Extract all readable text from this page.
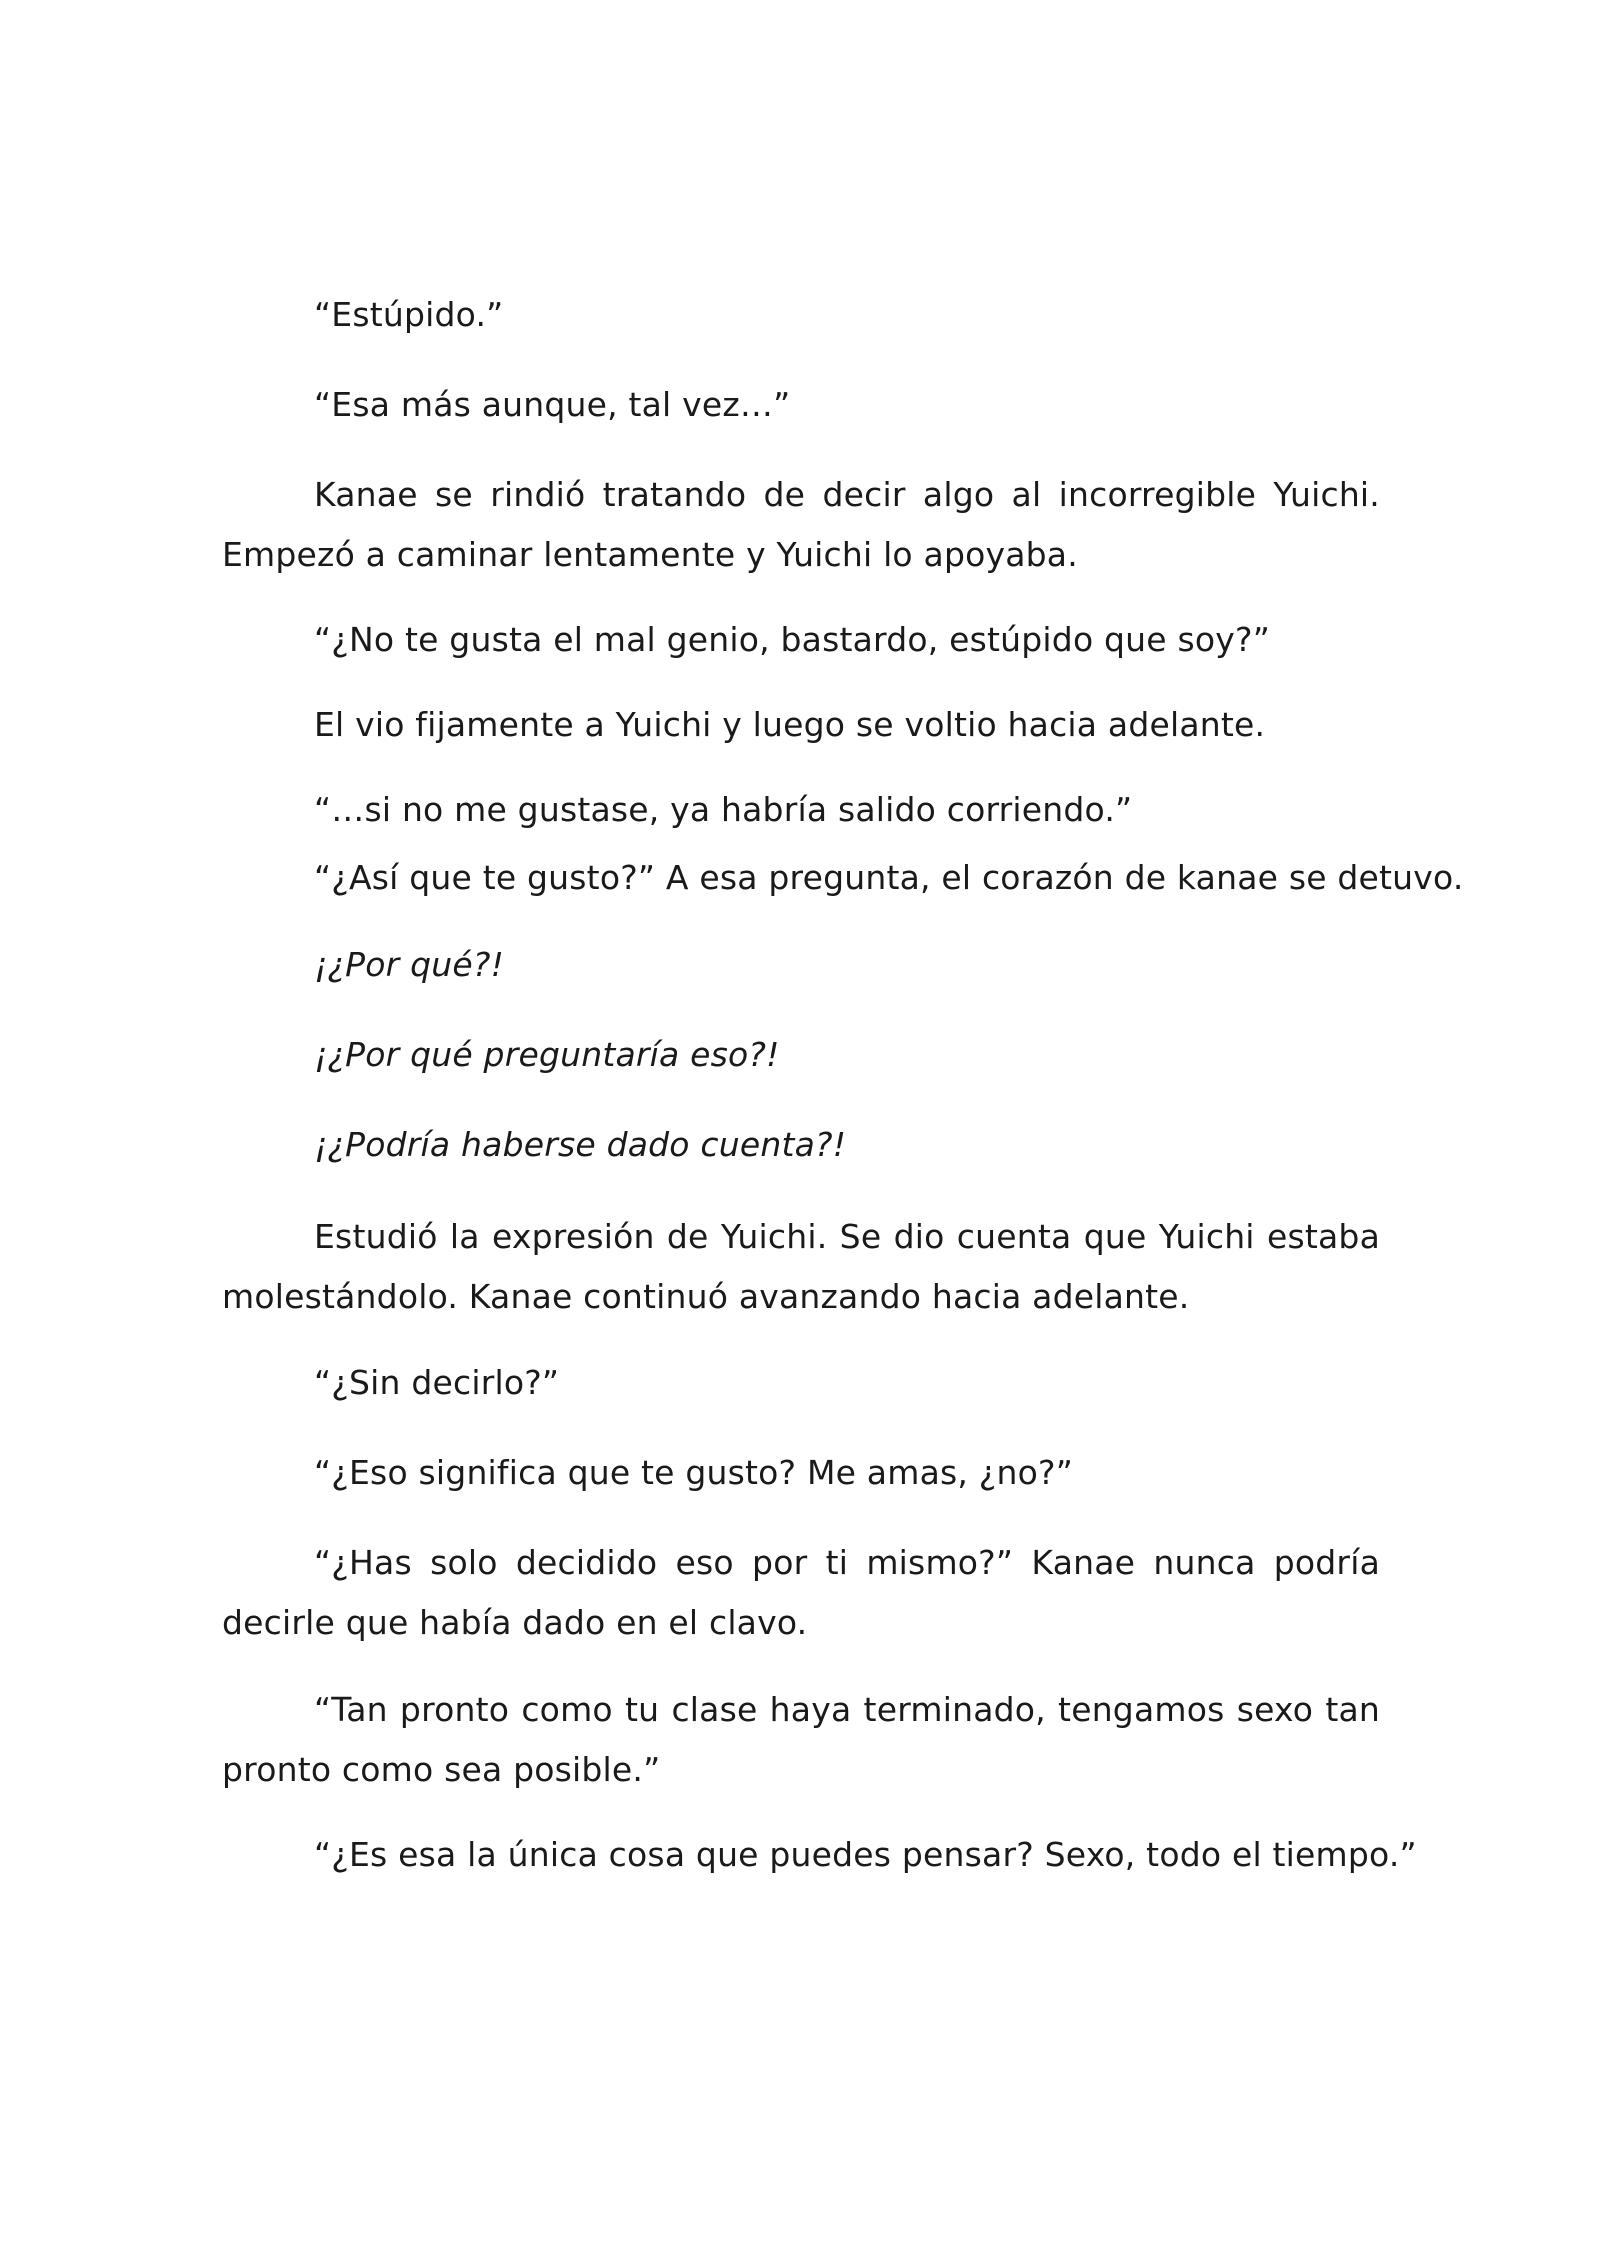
“Estúpido.”

“Esa más aunque, tal vez…”

Kanae se rindió tratando de decir algo al incorregible Yuichi. Empezó a caminar lentamente y Yuichi lo apoyaba.

“¿No te gusta el mal genio, bastardo, estúpido que soy?”

El vio fijamente a Yuichi y luego se voltio hacia adelante.

“…si no me gustase, ya habría salido corriendo.”

“¿Así que te gusto?” A esa pregunta, el corazón de kanae se detuvo.

¡¿Por qué?!

¡¿Por qué preguntaría eso?!

¡¿Podría haberse dado cuenta?!

Estudió la expresión de Yuichi. Se dio cuenta que Yuichi estaba molestándolo. Kanae continuó avanzando hacia adelante.

“¿Sin decirlo?”

“¿Eso significa que te gusto? Me amas, ¿no?”

“¿Has solo decidido eso por ti mismo?” Kanae nunca podría decirle que había dado en el clavo.

“Tan pronto como tu clase haya terminado, tengamos sexo tan pronto como sea posible.”

“¿Es esa la única cosa que puedes pensar? Sexo, todo el tiempo.”
